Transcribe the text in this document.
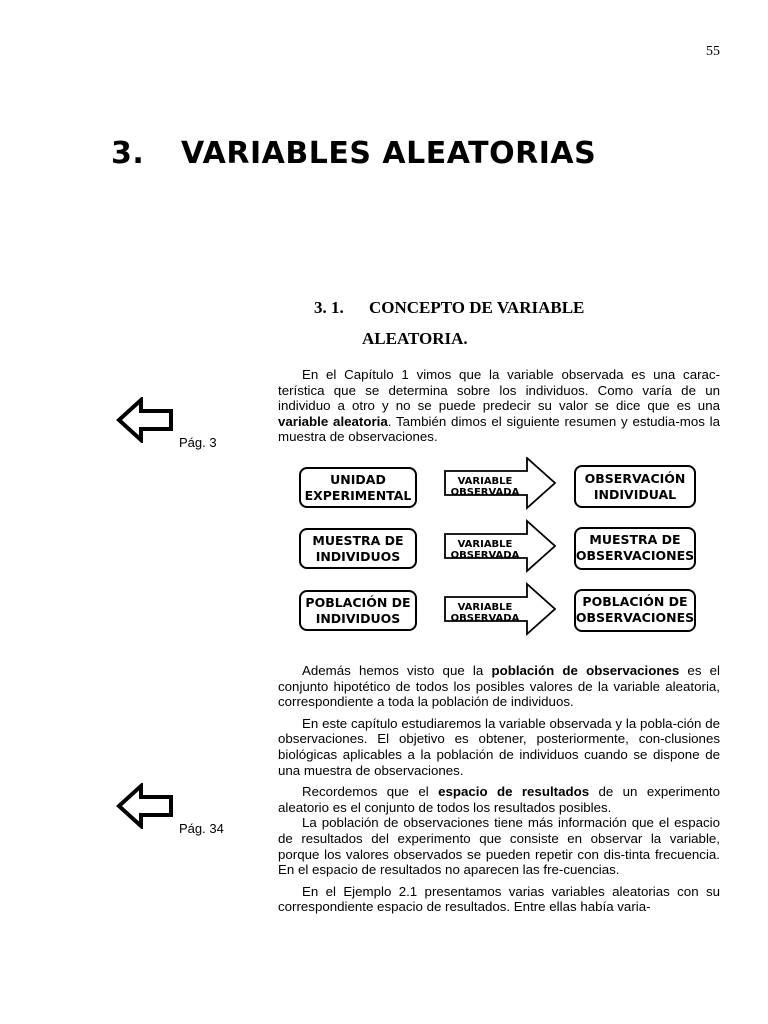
55
3. VARIABLES ALEATORIAS
3. 1. CONCEPTO DE VARIABLE
ALEATORIA.
Pág. 3

En el Capítulo 1 vimos que la variable observada es una carac-terística que se determina sobre los individuos. Como varía de un individuo a otro y no se puede predecir su valor se dice que es una variable aleatoria. También dimos el siguiente resumen y estudia-mos la muestra de observaciones.

UNIDAD
EXPERIMENTAL
VARIABLE
OBSERVADA
OBSERVACIÓN
INDIVIDUAL
MUESTRA DE
INDIVIDUOS
VARIABLE
OBSERVADA
MUESTRA DE
OBSERVACIONES
POBLACIÓN DE
INDIVIDUOS
VARIABLE
OBSERVADA
POBLACIÓN DE
OBSERVACIONES

Además hemos visto que la población de observaciones es el conjunto hipotético de todos los posibles valores de la variable aleatoria, correspondiente a toda la población de individuos.

En este capítulo estudiaremos la variable observada y la pobla-ción de observaciones. El objetivo es obtener, posteriormente, con-clusiones biológicas aplicables a la población de individuos cuando se dispone de una muestra de observaciones.

Recordemos que el espacio de resultados de un experimento aleatorio es el conjunto de todos los resultados posibles.

La población de observaciones tiene más información que el espacio de resultados del experimento que consiste en observar la variable, porque los valores observados se pueden repetir con dis-tinta frecuencia. En el espacio de resultados no aparecen las fre-cuencias.

En el Ejemplo 2.1 presentamos varias variables aleatorias con su correspondiente espacio de resultados. Entre ellas había varia-

Pág. 34
